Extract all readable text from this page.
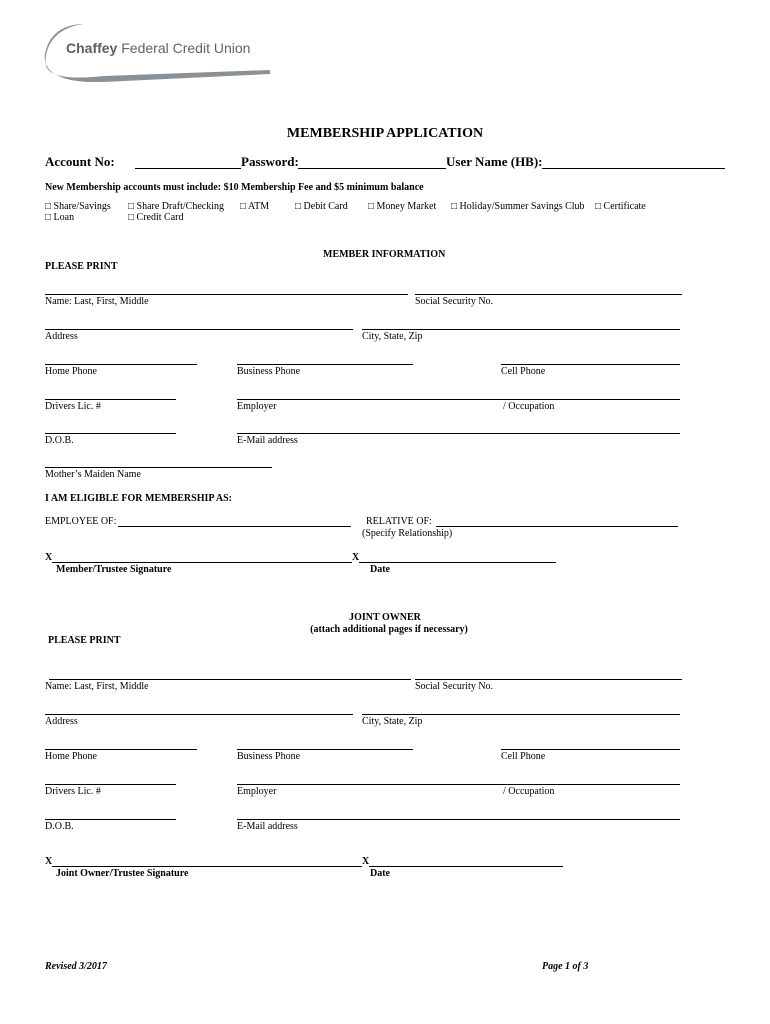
Chaffey Federal Credit Union
MEMBERSHIP APPLICATION
Account No:	Password:	User Name (HB):
New Membership accounts must include: $10 Membership Fee and $5 minimum balance
□ Share/Savings □ Share Draft/Checking □ ATM	□ Debit Card □ Money Market □ Holiday/Summer Savings Club □ Certificate
□ Loan	□ Credit Card
MEMBER INFORMATION
PLEASE PRINT
Name: Last, First, Middle	Social Security No.
Address	City, State, Zip
Home Phone	Business Phone	Cell Phone
Drivers Lic. #	Employer	/ Occupation
D.O.B.	E-Mail address
Mother’s Maiden Name
I AM ELIGIBLE FOR MEMBERSHIP AS:
EMPLOYEE OF:	RELATIVE OF:
(Specify Relationship)
X	X
Member/Trustee Signature	Date
JOINT OWNER
(attach additional pages if necessary)
PLEASE PRINT
Name: Last, First, Middle	Social Security No.
Address	City, State, Zip
Home Phone	Business Phone	Cell Phone
Drivers Lic. #	Employer	/ Occupation
D.O.B.	E-Mail address
X	X
Joint Owner/Trustee Signature	Date
Revised 3/2017	Page 1 of 3
